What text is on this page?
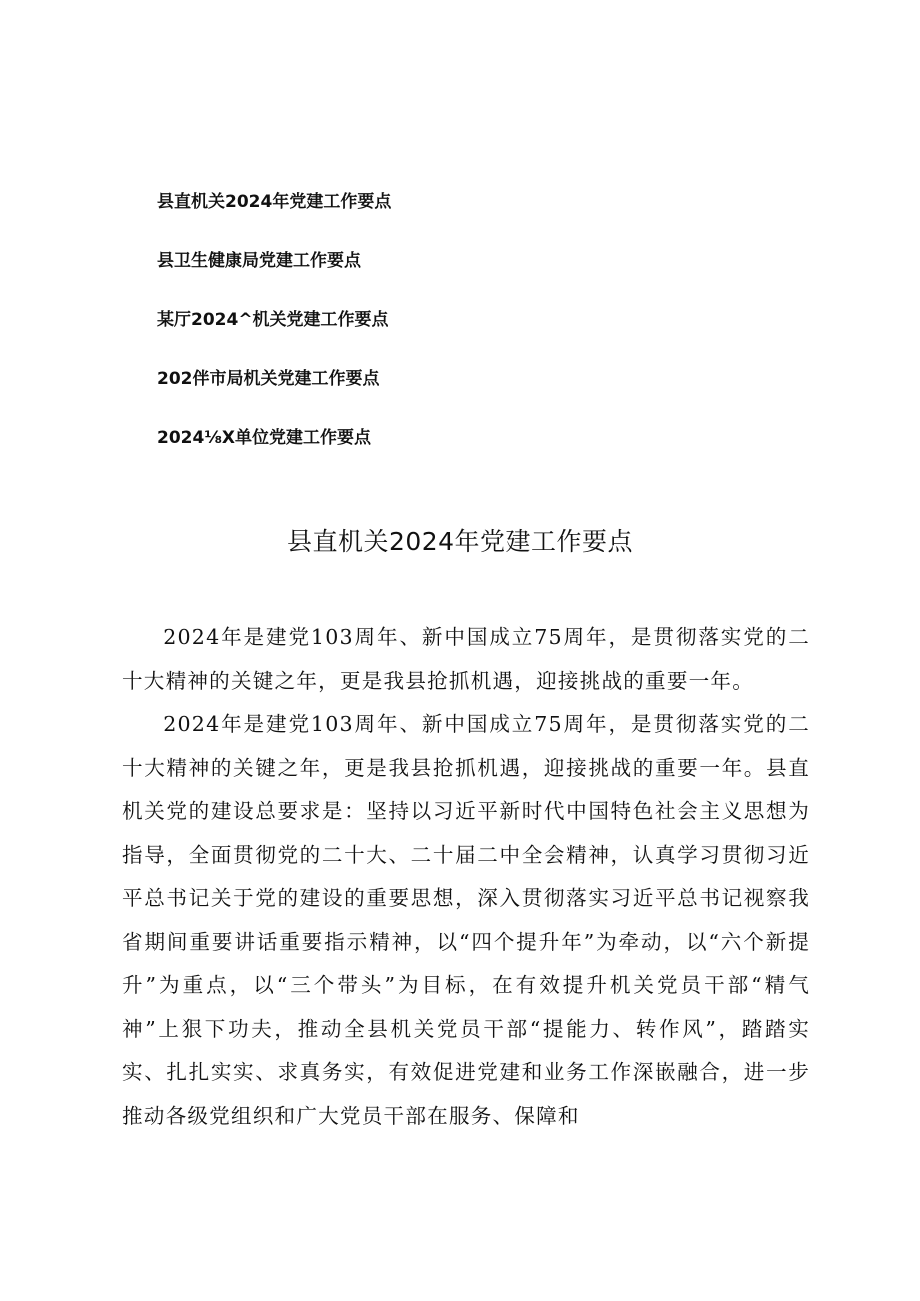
县直机关2024年党建工作要点
县卫生健康局党建工作要点
某厅2024^机关党建工作要点
202伴市局机关党建工作要点
2024⅛X单位党建工作要点
县直机关2024年党建工作要点

2024年是建党103周年、新中国成立75周年，是贯彻落实党的二十大精神的关键之年，更是我县抢抓机遇，迎接挑战的重要一年。

2024年是建党103周年、新中国成立75周年，是贯彻落实党的二十大精神的关键之年，更是我县抢抓机遇，迎接挑战的重要一年。县直机关党的建设总要求是：坚持以习近平新时代中国特色社会主义思想为指导，全面贯彻党的二十大、二十届二中全会精神，认真学习贯彻习近平总书记关于党的建设的重要思想，深入贯彻落实习近平总书记视察我省期间重要讲话重要指示精神，以“四个提升年”为牵动，以“六个新提升”为重点，以“三个带头”为目标，在有效提升机关党员干部“精气神”上狠下功夫，推动全县机关党员干部“提能力、转作风”，踏踏实实、扎扎实实、求真务实，有效促进党建和业务工作深嵌融合，进一步推动各级党组织和广大党员干部在服务、保障和
